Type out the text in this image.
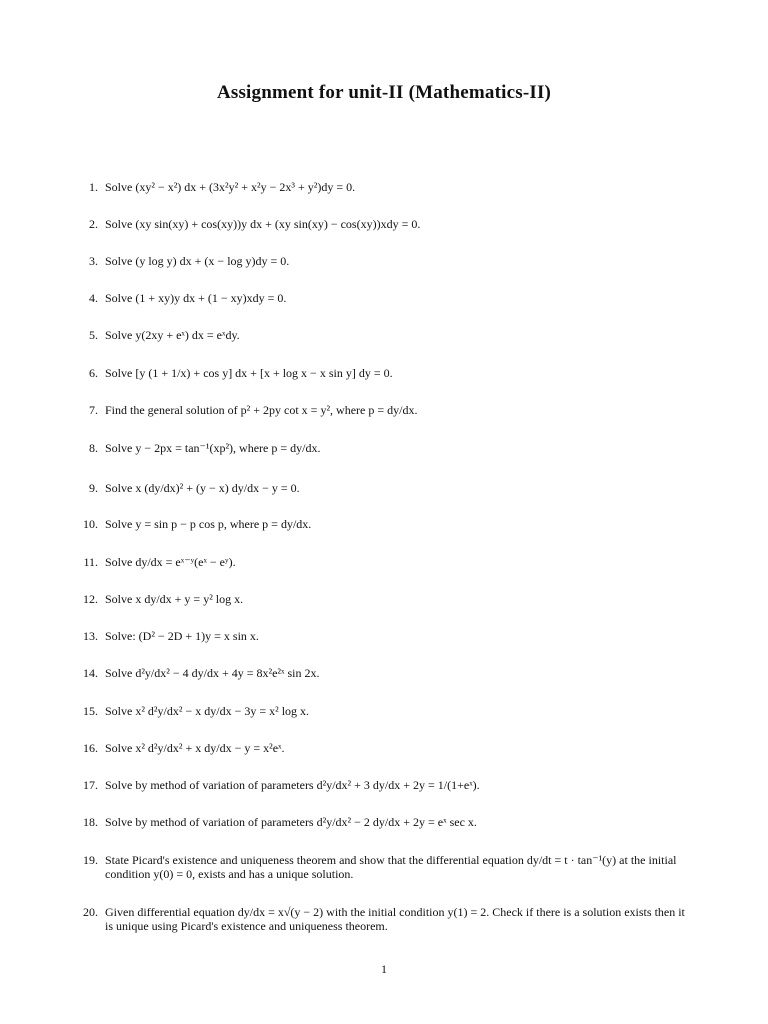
Assignment for unit-II (Mathematics-II)
1. Solve (xy² − x²) dx + (3x²y² + x²y − 2x³ + y²)dy = 0.
2. Solve (xy sin(xy) + cos(xy))y dx + (xy sin(xy) − cos(xy))xdy = 0.
3. Solve (y log y) dx + (x − log y)dy = 0.
4. Solve (1 + xy)y dx + (1 − xy)xdy = 0.
5. Solve y(2xy + eˣ) dx = eˣdy.
6. Solve [y (1 + 1/x) + cos y] dx + [x + log x − x sin y] dy = 0.
7. Find the general solution of p² + 2py cot x = y², where p = dy/dx.
8. Solve y − 2px = tan⁻¹(xp²), where p = dy/dx.
9. Solve x (dy/dx)² + (y − x) dy/dx − y = 0.
10. Solve y = sin p − p cos p, where p = dy/dx.
11. Solve dy/dx = eˣ⁻ʸ(eˣ − eʸ).
12. Solve x dy/dx + y = y² log x.
13. Solve: (D² − 2D + 1)y = x sin x.
14. Solve d²y/dx² − 4 dy/dx + 4y = 8x²e²ˣ sin 2x.
15. Solve x² d²y/dx² − x dy/dx − 3y = x² log x.
16. Solve x² d²y/dx² + x dy/dx − y = x²eˣ.
17. Solve by method of variation of parameters d²y/dx² + 3 dy/dx + 2y = 1/(1+eˣ).
18. Solve by method of variation of parameters d²y/dx² − 2 dy/dx + 2y = eˣ sec x.
19. State Picard's existence and uniqueness theorem and show that the differential equation dy/dt = t · tan⁻¹(y) at the initial condition y(0) = 0, exists and has a unique solution.
20. Given differential equation dy/dx = x√(y − 2) with the initial condition y(1) = 2. Check if there is a solution exists then it is unique using Picard's existence and uniqueness theorem.
1
